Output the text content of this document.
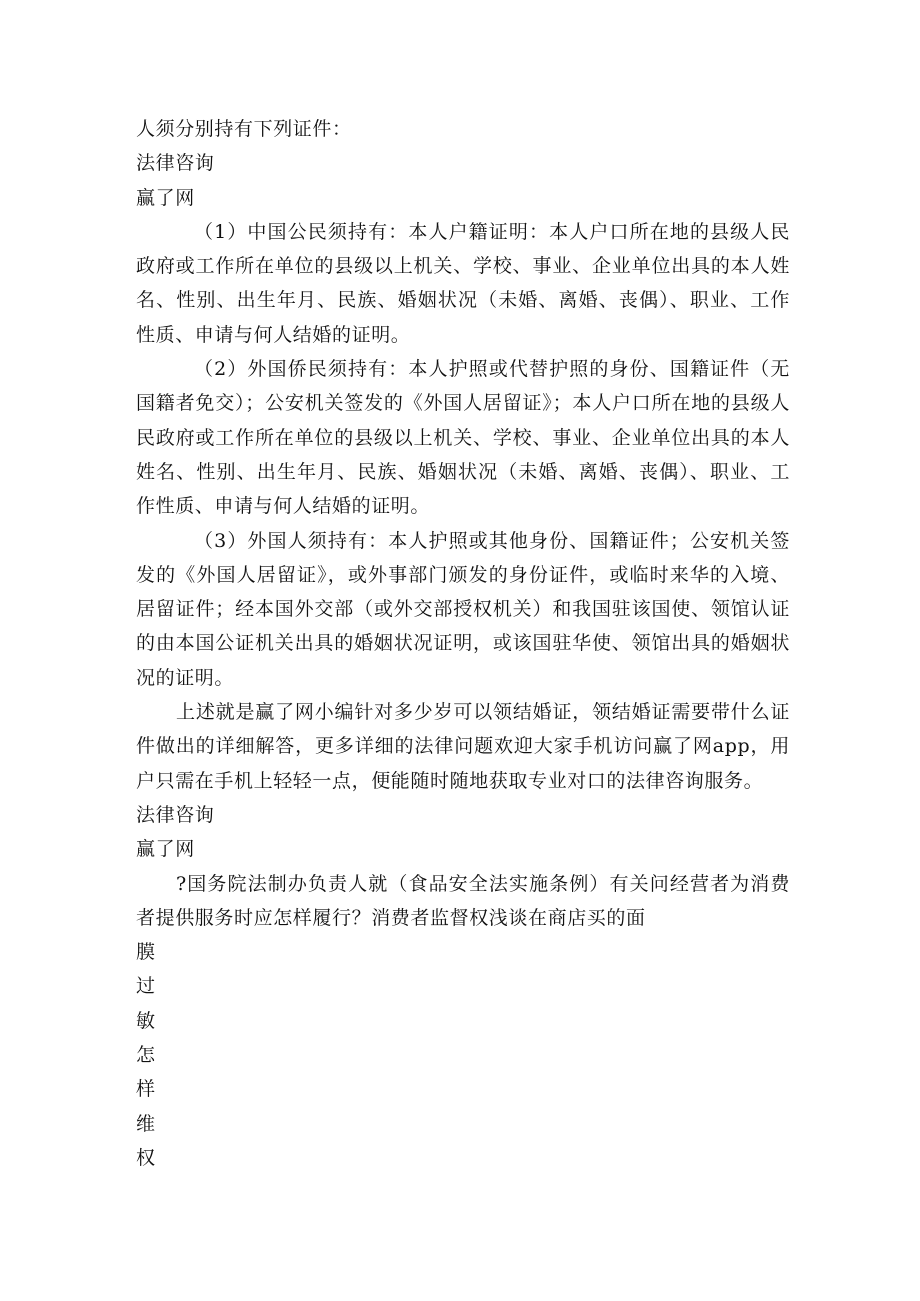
人须分别持有下列证件：

法律咨询

赢了网

（1）中国公民须持有：本人户籍证明：本人户口所在地的县级人民政府或工作所在单位的县级以上机关、学校、事业、企业单位出具的本人姓名、性别、出生年月、民族、婚姻状况（未婚、离婚、丧偶）、职业、工作性质、申请与何人结婚的证明。

（2）外国侨民须持有：本人护照或代替护照的身份、国籍证件（无国籍者免交）；公安机关签发的《外国人居留证》；本人户口所在地的县级人民政府或工作所在单位的县级以上机关、学校、事业、企业单位出具的本人姓名、性别、出生年月、民族、婚姻状况（未婚、离婚、丧偶）、职业、工作性质、申请与何人结婚的证明。

（3）外国人须持有：本人护照或其他身份、国籍证件；公安机关签发的《外国人居留证》，或外事部门颁发的身份证件，或临时来华的入境、居留证件；经本国外交部（或外交部授权机关）和我国驻该国使、领馆认证的由本国公证机关出具的婚姻状况证明，或该国驻华使、领馆出具的婚姻状况的证明。

上述就是赢了网小编针对多少岁可以领结婚证，领结婚证需要带什么证件做出的详细解答，更多详细的法律问题欢迎大家手机访问赢了网app，用户只需在手机上轻轻一点，便能随时随地获取专业对口的法律咨询服务。

法律咨询

赢了网

?国务院法制办负责人就（食品安全法实施条例）有关问经营者为消费者提供服务时应怎样履行？消费者监督权浅谈在商店买的面

膜

过

敏

怎

样

维

权
